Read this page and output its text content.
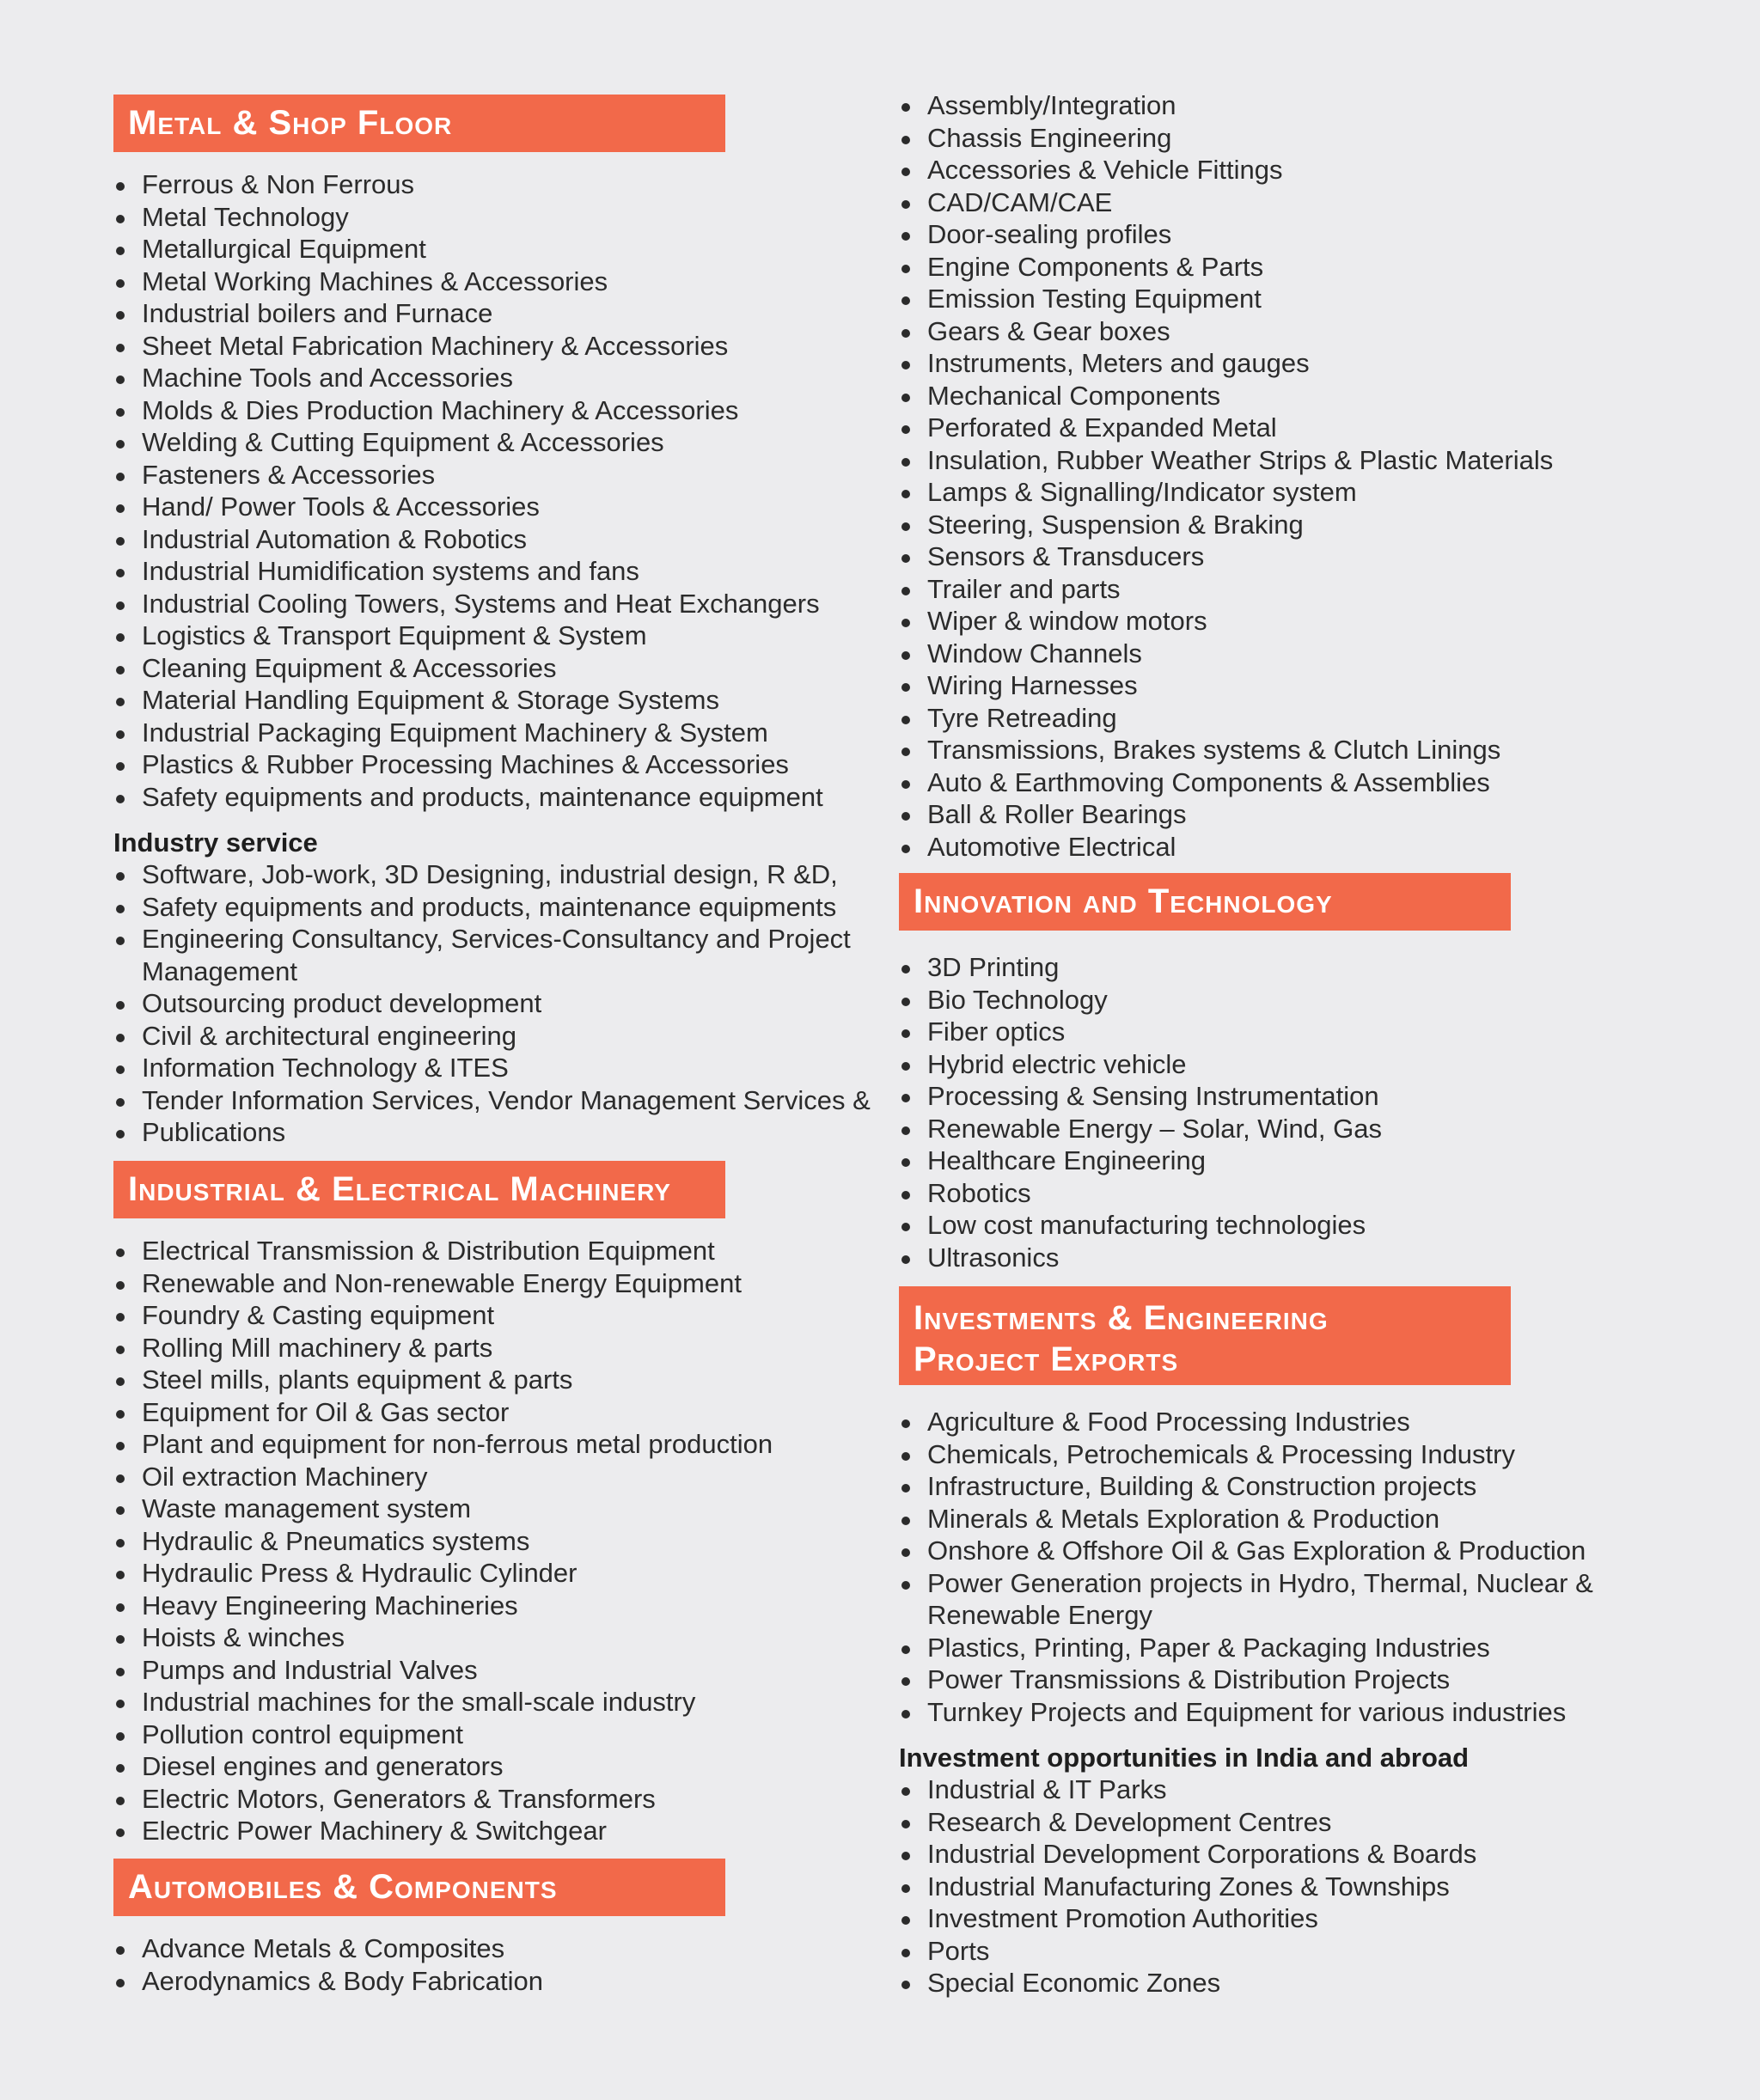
Metal & Shop Floor
Ferrous & Non Ferrous
Metal Technology
Metallurgical Equipment
Metal Working Machines & Accessories
Industrial boilers and Furnace
Sheet Metal Fabrication Machinery & Accessories
Machine Tools and Accessories
Molds & Dies Production Machinery & Accessories
Welding & Cutting Equipment & Accessories
Fasteners & Accessories
Hand/ Power Tools & Accessories
Industrial Automation & Robotics
Industrial Humidification systems and fans
Industrial Cooling Towers, Systems and Heat Exchangers
Logistics & Transport Equipment & System
Cleaning Equipment & Accessories
Material Handling Equipment & Storage Systems
Industrial Packaging Equipment Machinery & System
Plastics & Rubber Processing Machines & Accessories
Safety equipments and products, maintenance equipment
Industry service
Software, Job-work, 3D Designing, industrial design, R &D,
Safety equipments and products, maintenance equipments
Engineering Consultancy, Services-Consultancy and Project
Management
Outsourcing product development
Civil & architectural engineering
Information Technology & ITES
Tender Information Services, Vendor Management Services &
Publications
Industrial & Electrical Machinery
Electrical Transmission & Distribution Equipment
Renewable and Non-renewable Energy Equipment
Foundry & Casting equipment
Rolling Mill machinery & parts
Steel mills, plants equipment & parts
Equipment for Oil & Gas sector
Plant and equipment for non-ferrous metal production
Oil extraction Machinery
Waste management system
Hydraulic & Pneumatics systems
Hydraulic Press & Hydraulic Cylinder
Heavy Engineering Machineries
Hoists & winches
Pumps and Industrial Valves
Industrial machines for the small-scale industry
Pollution control equipment
Diesel engines and generators
Electric Motors, Generators & Transformers
Electric Power Machinery & Switchgear
Automobiles & Components
Advance Metals & Composites
Aerodynamics & Body Fabrication
Assembly/Integration
Chassis Engineering
Accessories & Vehicle Fittings
CAD/CAM/CAE
Door-sealing profiles
Engine Components & Parts
Emission Testing Equipment
Gears & Gear boxes
Instruments, Meters and gauges
Mechanical Components
Perforated & Expanded Metal
Insulation, Rubber Weather Strips & Plastic Materials
Lamps & Signalling/Indicator system
Steering, Suspension & Braking
Sensors & Transducers
Trailer and parts
Wiper & window motors
Window Channels
Wiring Harnesses
Tyre Retreading
Transmissions, Brakes systems & Clutch Linings
Auto & Earthmoving Components & Assemblies
Ball & Roller Bearings
Automotive Electrical
Innovation and Technology
3D Printing
Bio Technology
Fiber optics
Hybrid electric vehicle
Processing & Sensing Instrumentation
Renewable Energy – Solar, Wind, Gas
Healthcare Engineering
Robotics
Low cost manufacturing technologies
Ultrasonics
Investments & Engineering
Project Exports
Agriculture & Food Processing Industries
Chemicals, Petrochemicals & Processing Industry
Infrastructure, Building & Construction projects
Minerals & Metals Exploration & Production
Onshore & Offshore Oil & Gas Exploration & Production
Power Generation projects in Hydro, Thermal, Nuclear &
Renewable Energy
Plastics, Printing, Paper & Packaging Industries
Power Transmissions & Distribution Projects
Turnkey Projects and Equipment for various industries
Investment opportunities in India and abroad
Industrial & IT Parks
Research & Development Centres
Industrial Development Corporations & Boards
Industrial Manufacturing Zones & Townships
Investment Promotion Authorities
Ports
Special Economic Zones
